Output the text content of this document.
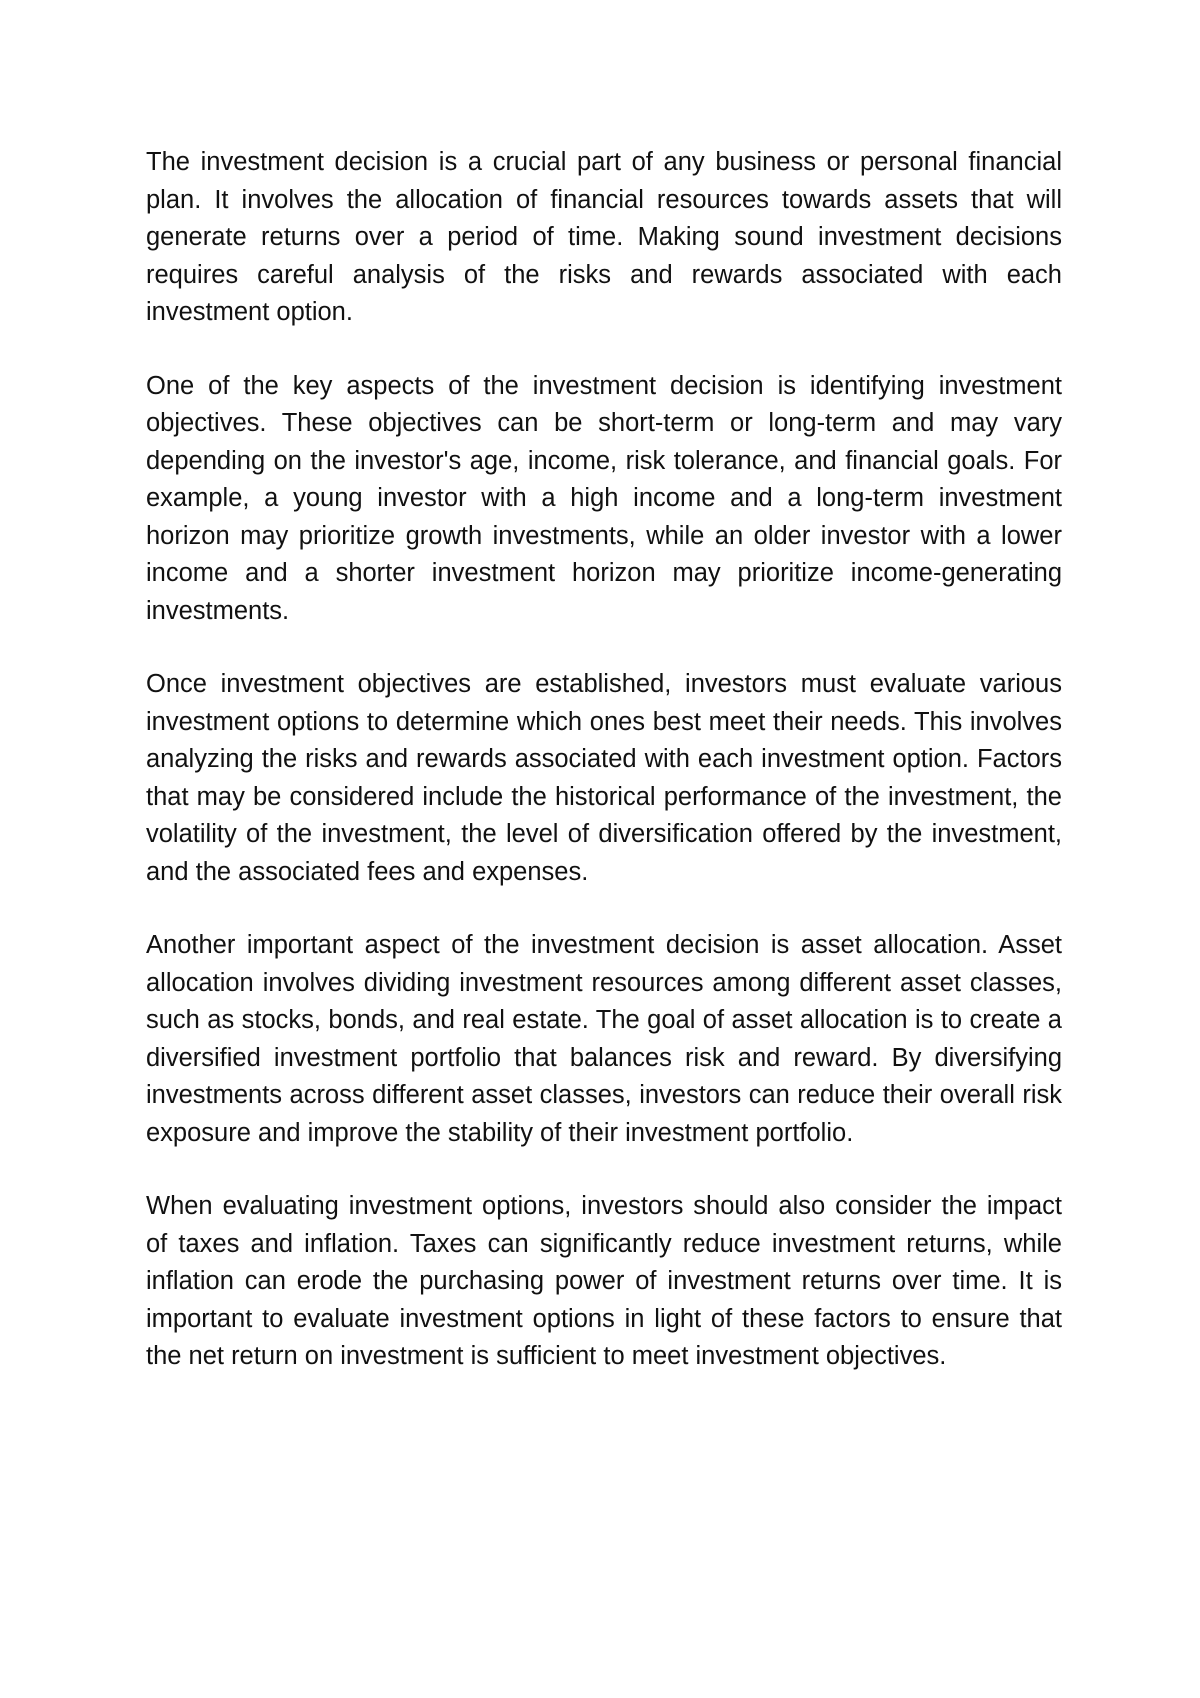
The investment decision is a crucial part of any business or personal financial plan. It involves the allocation of financial resources towards assets that will generate returns over a period of time. Making sound investment decisions requires careful analysis of the risks and rewards associated with each investment option.

One of the key aspects of the investment decision is identifying investment objectives. These objectives can be short-term or long-term and may vary depending on the investor's age, income, risk tolerance, and financial goals. For example, a young investor with a high income and a long-term investment horizon may prioritize growth investments, while an older investor with a lower income and a shorter investment horizon may prioritize income-generating investments.

Once investment objectives are established, investors must evaluate various investment options to determine which ones best meet their needs. This involves analyzing the risks and rewards associated with each investment option. Factors that may be considered include the historical performance of the investment, the volatility of the investment, the level of diversification offered by the investment, and the associated fees and expenses.

Another important aspect of the investment decision is asset allocation. Asset allocation involves dividing investment resources among different asset classes, such as stocks, bonds, and real estate. The goal of asset allocation is to create a diversified investment portfolio that balances risk and reward. By diversifying investments across different asset classes, investors can reduce their overall risk exposure and improve the stability of their investment portfolio.

When evaluating investment options, investors should also consider the impact of taxes and inflation. Taxes can significantly reduce investment returns, while inflation can erode the purchasing power of investment returns over time. It is important to evaluate investment options in light of these factors to ensure that the net return on investment is sufficient to meet investment objectives.
